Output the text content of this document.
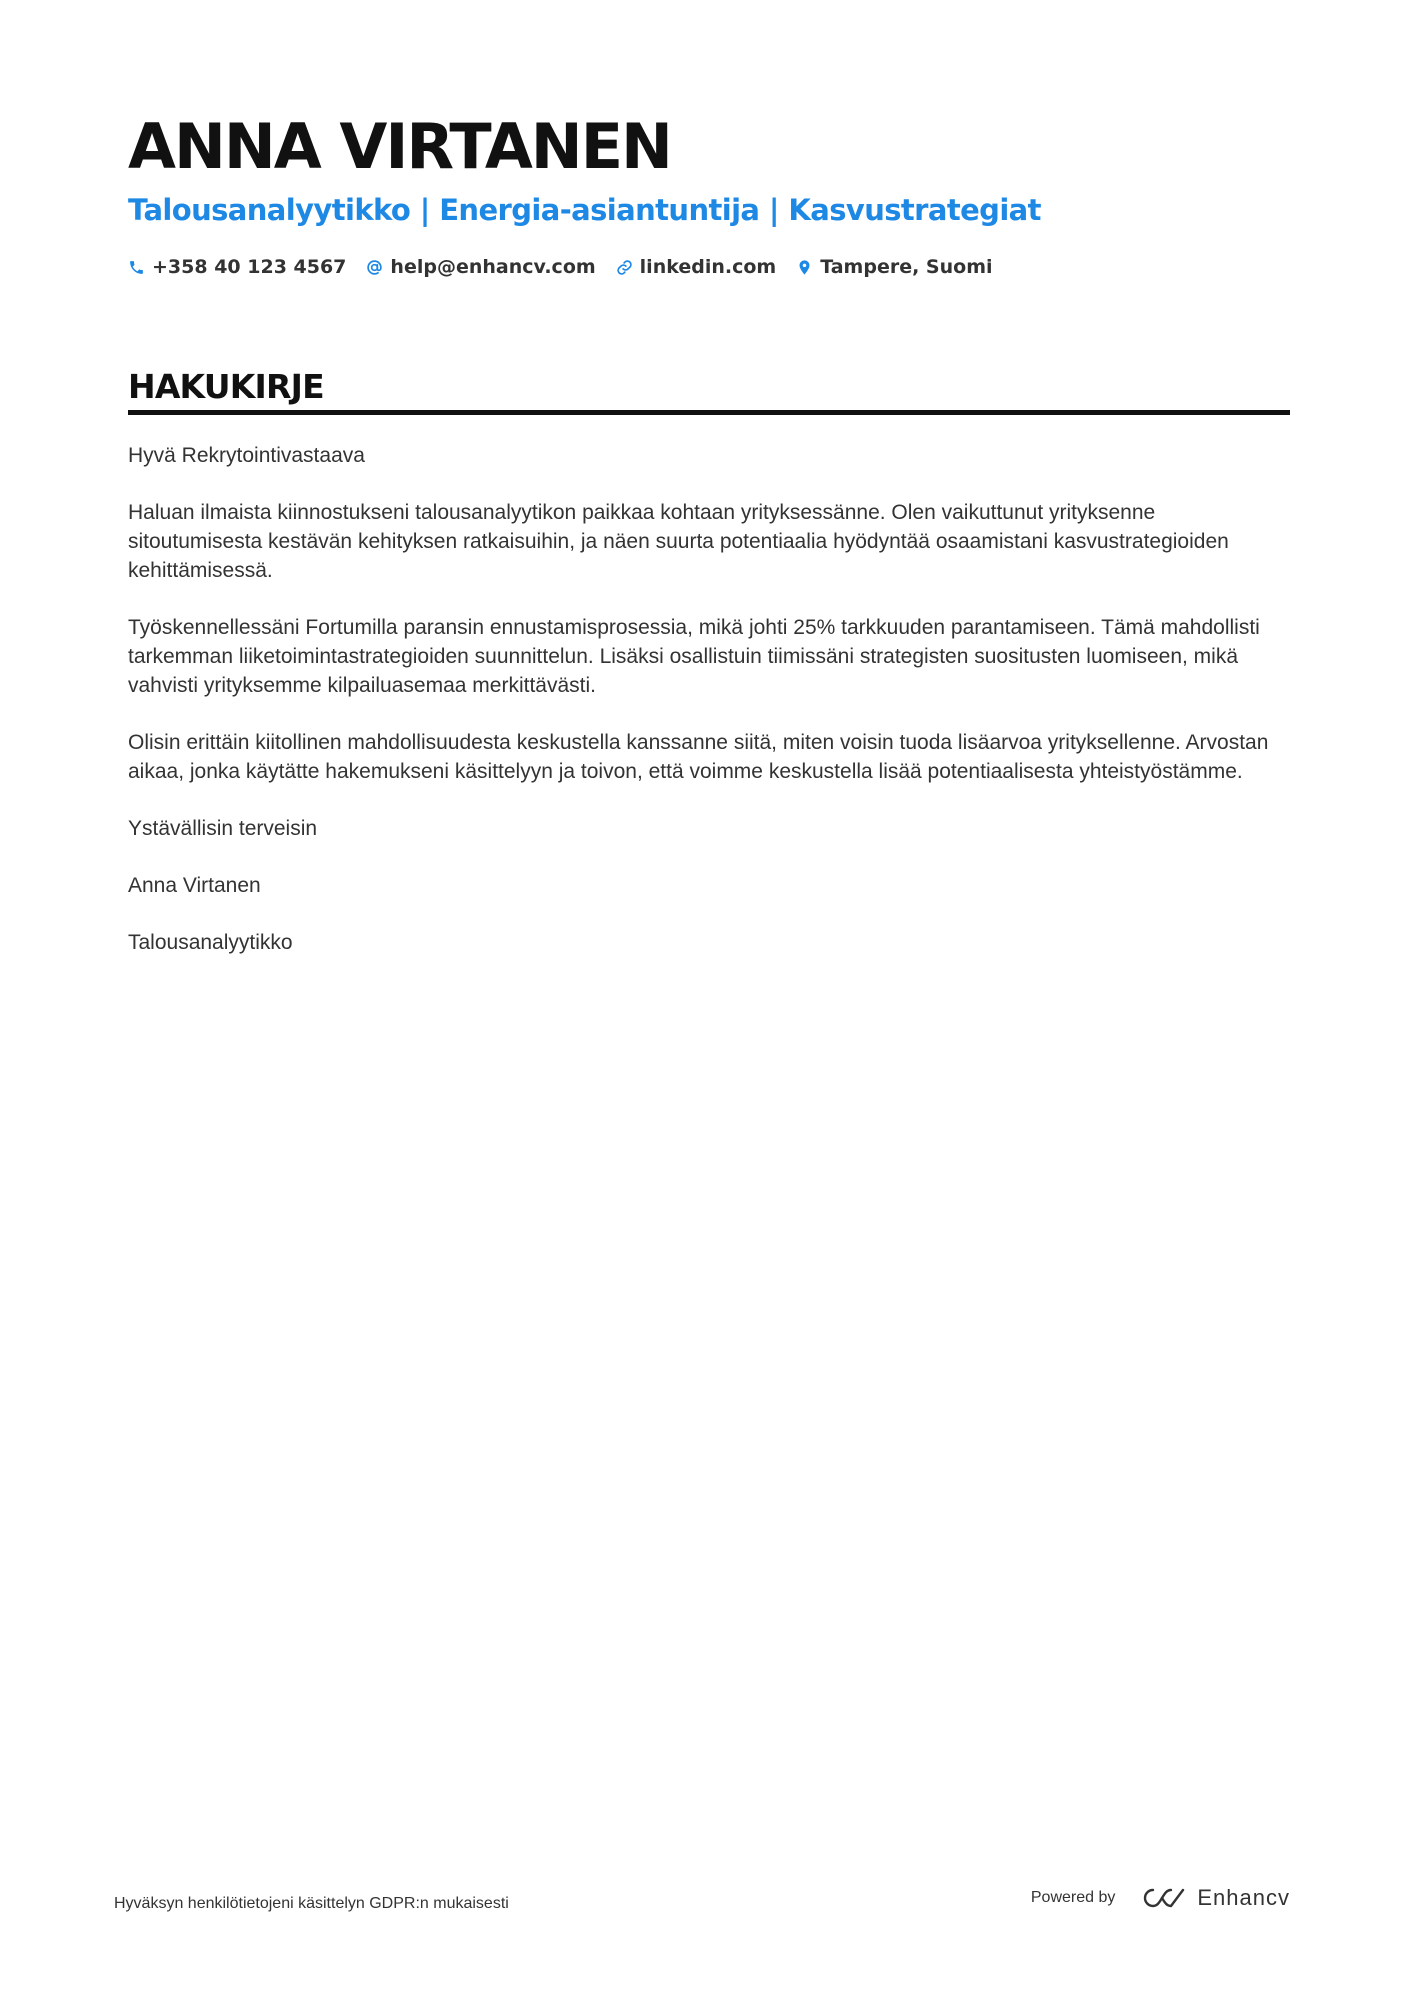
ANNA VIRTANEN
Talousanalyytikko | Energia-asiantuntija | Kasvustrategiat
+358 40 123 4567 help@enhancv.com linkedin.com Tampere, Suomi
HAKUKIRJE

Hyvä Rekrytointivastaava

Haluan ilmaista kiinnostukseni talousanalyytikon paikkaa kohtaan yrityksessänne. Olen vaikuttunut yrityksenne sitoutumisesta kestävän kehityksen ratkaisuihin, ja näen suurta potentiaalia hyödyntää osaamistani kasvustrategioiden kehittämisessä.

Työskennellessäni Fortumilla paransin ennustamisprosessia, mikä johti 25% tarkkuuden parantamiseen. Tämä mahdollisti tarkemman liiketoimintastrategioiden suunnittelun. Lisäksi osallistuin tiimissäni strategisten suositusten luomiseen, mikä vahvisti yrityksemme kilpailuasemaa merkittävästi.

Olisin erittäin kiitollinen mahdollisuudesta keskustella kanssanne siitä, miten voisin tuoda lisäarvoa yrityksellenne. Arvostan aikaa, jonka käytätte hakemukseni käsittelyyn ja toivon, että voimme keskustella lisää potentiaalisesta yhteistyöstämme.

Ystävällisin terveisin

Anna Virtanen

Talousanalyytikko

Hyväksyn henkilötietojeni käsittelyn GDPR:n mukaisesti	Powered by	Enhancv
